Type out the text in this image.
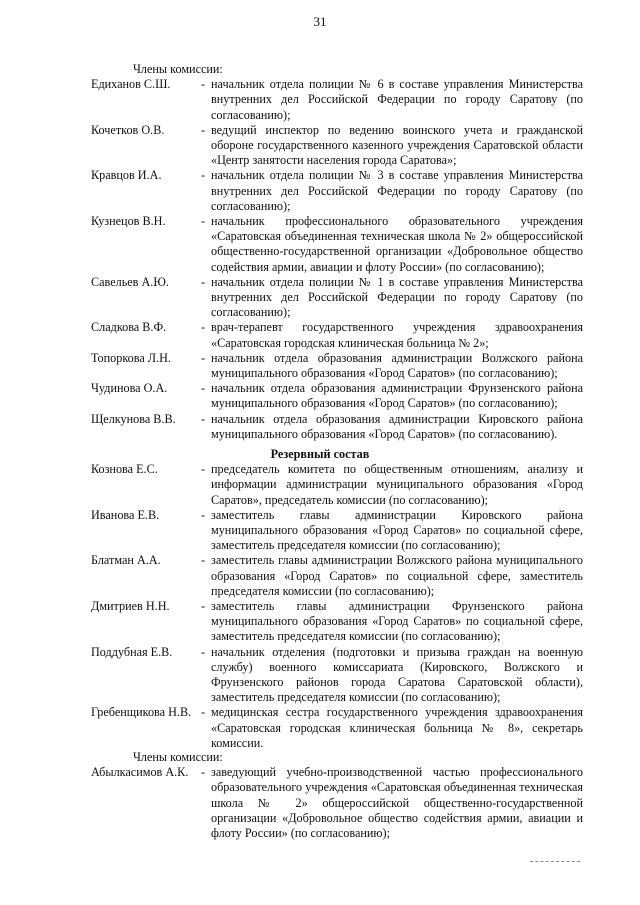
31

Члены комиссии:

Едиханов С.Ш.	- начальник отдела полиции № 6 в составе управления Министерства внутренних дел Российской Федерации по городу Саратову (по согласованию);
Кочетков О.В.	- ведущий инспектор по ведению воинского учета и гражданской обороне государственного казенного учреждения Саратовской области «Центр занятости населения города Саратова»;
Кравцов И.А.	- начальник отдела полиции № 3 в составе управления Министерства внутренних дел Российской Федерации по городу Саратову (по согласованию);
Кузнецов В.Н.	- начальник профессионального образовательного учреждения «Саратовская объединенная техническая школа № 2» общероссийской общественно-государственной организации «Добровольное общество содействия армии, авиации и флоту России» (по согласованию);
Савельев А.Ю.	- начальник отдела полиции № 1 в составе управления Министерства внутренних дел Российской Федерации по городу Саратову (по согласованию);
Сладкова В.Ф.	- врач-терапевт государственного учреждения здравоохранения «Саратовская городская клиническая больница № 2»;
Топоркова Л.Н.	- начальник отдела образования администрации Волжского района муниципального образования «Город Саратов» (по согласованию);
Чудинова О.А.	- начальник отдела образования администрации Фрунзенского района муниципального образования «Город Саратов» (по согласованию);
Щелкунова В.В.	- начальник отдела образования администрации Кировского района муниципального образования «Город Саратов» (по согласованию).

Резервный состав

Кознова Е.С.	- председатель комитета по общественным отношениям, анализу и информации администрации муниципального образования «Город Саратов», председатель комиссии (по согласованию);
Иванова Е.В.	- заместитель главы администрации Кировского района муниципального образования «Город Саратов» по социальной сфере, заместитель председателя комиссии (по согласованию);
Блатман А.А.	- заместитель главы администрации Волжского района муниципального образования «Город Саратов» по социальной сфере, заместитель председателя комиссии (по согласованию);
Дмитриев Н.Н.	- заместитель главы администрации Фрунзенского района муниципального образования «Город Саратов» по социальной сфере, заместитель председателя комиссии (по согласованию);
Поддубная Е.В.	- начальник отделения (подготовки и призыва граждан на военную службу) военного комиссариата (Кировского, Волжского и Фрунзенского районов города Саратова Саратовской области), заместитель председателя комиссии (по согласованию);
Гребенщикова Н.В. - медицинская сестра государственного учреждения здравоохранения «Саратовская городская клиническая больница № 8», секретарь комиссии.

Члены комиссии:

Абылкасимов А.К.	- заведующий учебно-производственной частью профессионального образовательного учреждения «Саратовская объединенная техническая школа № 2» общероссийской общественно-государственной организации «Добровольное общество содействия армии, авиации и флоту России» (по согласованию);
